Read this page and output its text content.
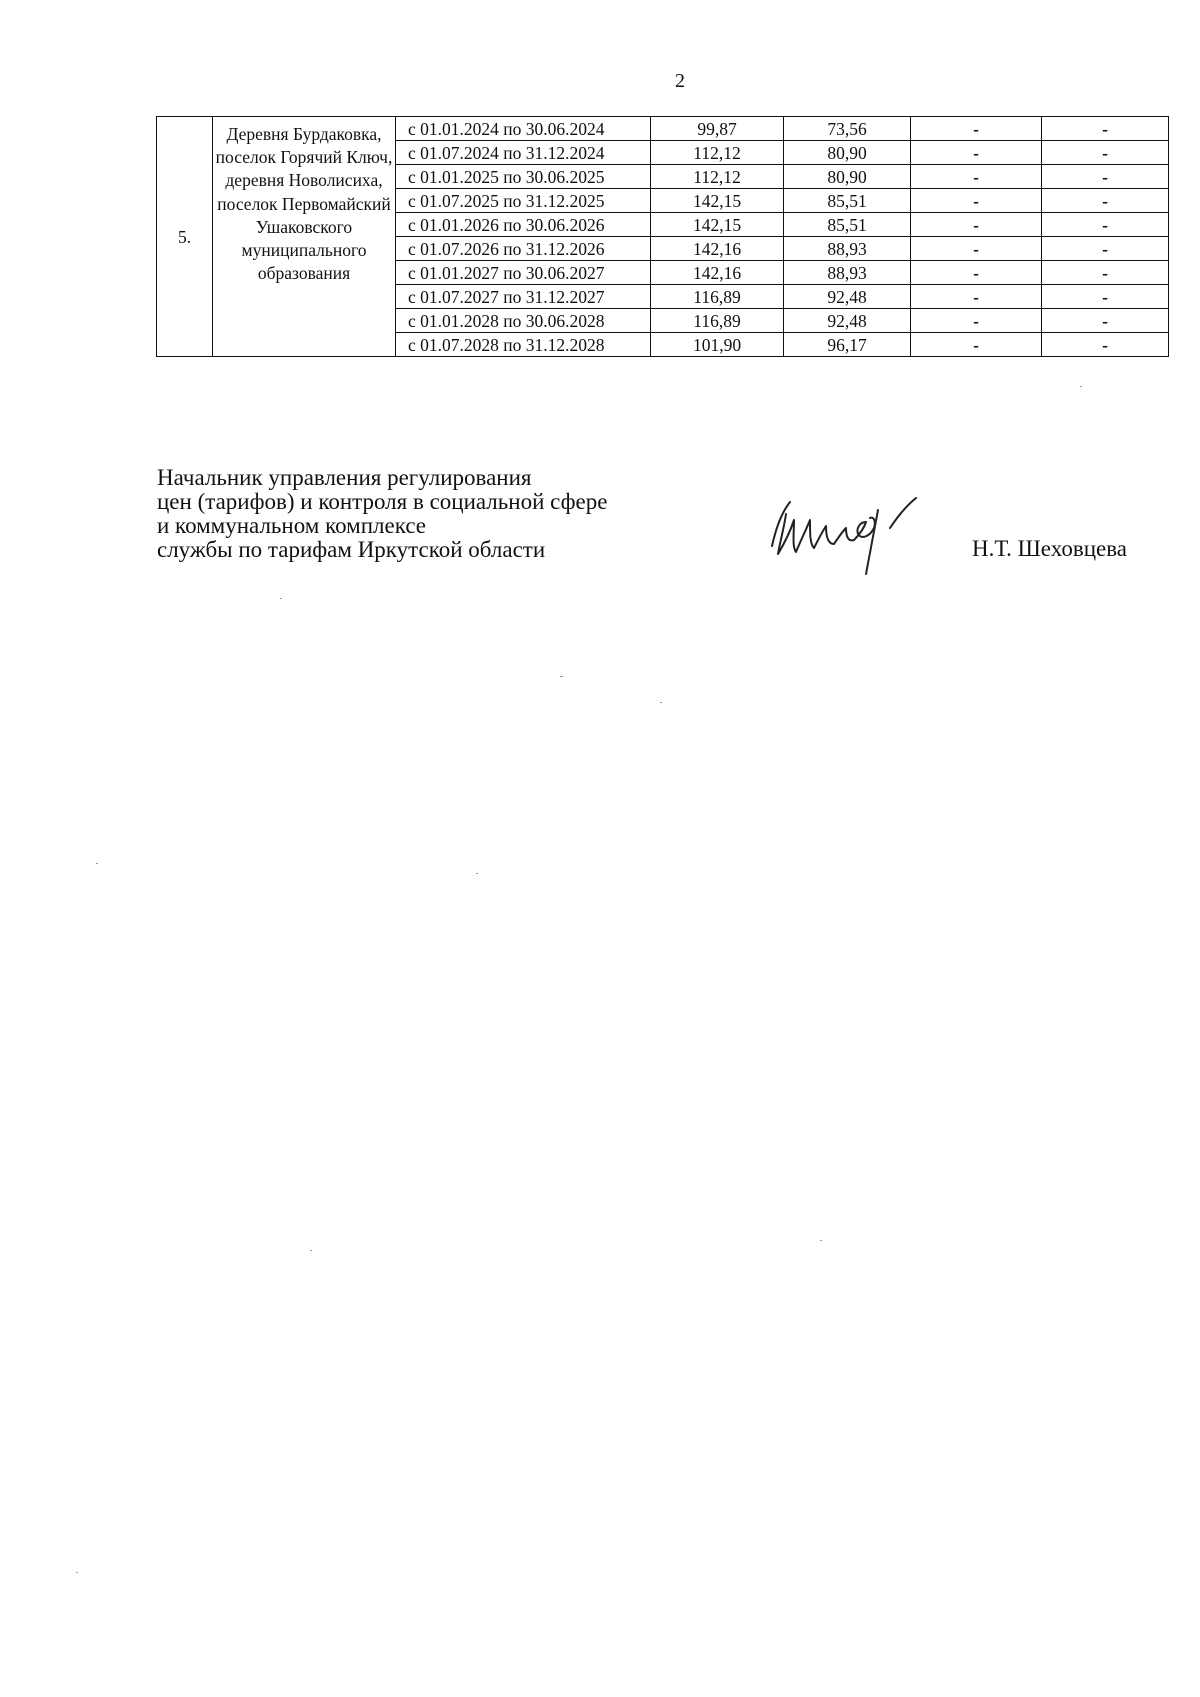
2
5.	Деревня Бурдаковка, поселок Горячий Ключ, деревня Новолисиха, поселок Первомайский Ушаковского муниципального образования	с 01.01.2024 по 30.06.2024	99,87	73,56	-	-
		с 01.07.2024 по 31.12.2024	112,12	80,90	-	-
		с 01.01.2025 по 30.06.2025	112,12	80,90	-	-
		с 01.07.2025 по 31.12.2025	142,15	85,51	-	-
		с 01.01.2026 по 30.06.2026	142,15	85,51	-	-
		с 01.07.2026 по 31.12.2026	142,16	88,93	-	-
		с 01.01.2027 по 30.06.2027	142,16	88,93	-	-
		с 01.07.2027 по 31.12.2027	116,89	92,48	-	-
		с 01.01.2028 по 30.06.2028	116,89	92,48	-	-
		с 01.07.2028 по 31.12.2028	101,90	96,17	-	-
Начальник управления регулирования
цен (тарифов) и контроля в социальной сфере
и коммунальном комплексе
службы по тарифам Иркутской области	Н.Т. Шеховцева
